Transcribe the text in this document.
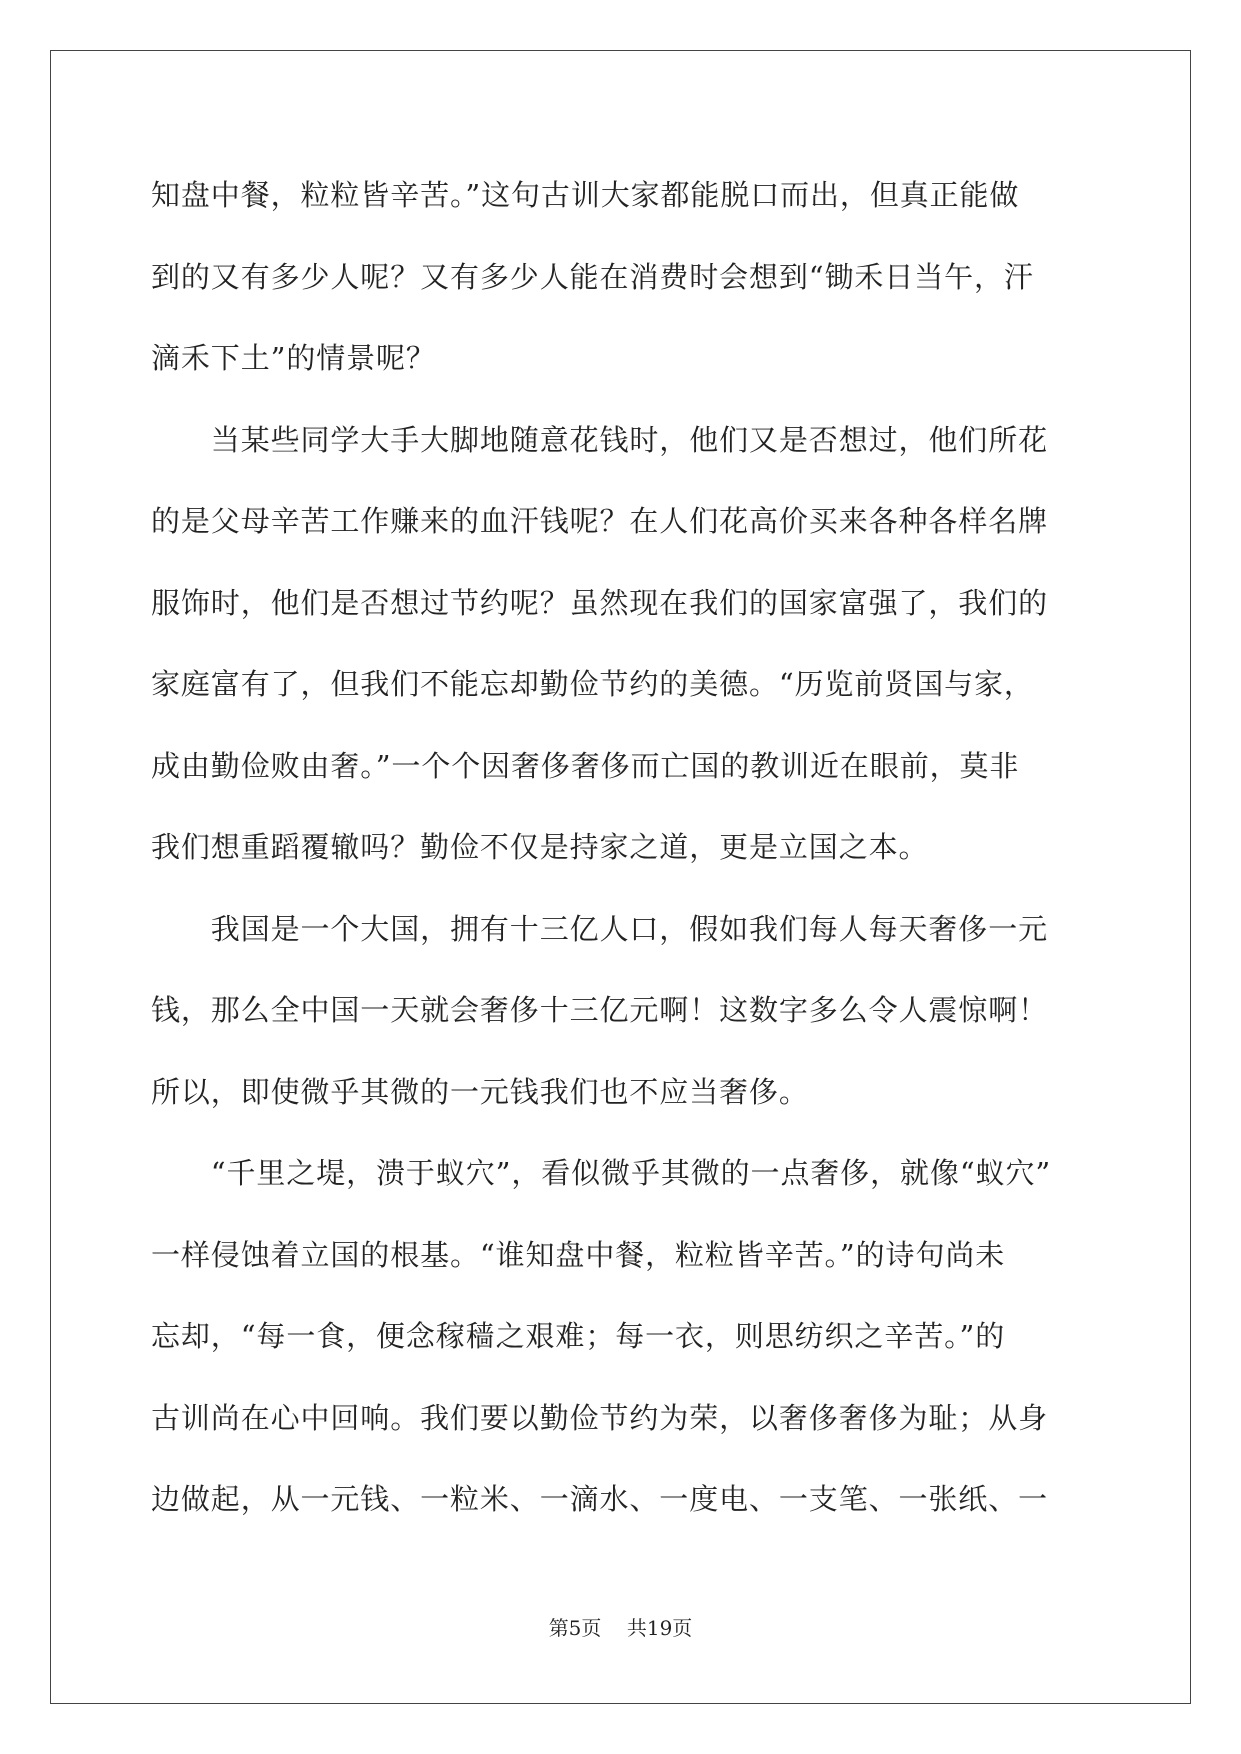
知盘中餐，粒粒皆辛苦。”这句古训大家都能脱口而出，但真正能做
到的又有多少人呢？又有多少人能在消费时会想到“锄禾日当午，汗
滴禾下土”的情景呢？
　　当某些同学大手大脚地随意花钱时，他们又是否想过，他们所花
的是父母辛苦工作赚来的血汗钱呢？在人们花高价买来各种各样名牌
服饰时，他们是否想过节约呢？虽然现在我们的国家富强了，我们的
家庭富有了，但我们不能忘却勤俭节约的美德。“历览前贤国与家，
成由勤俭败由奢。”一个个因奢侈奢侈而亡国的教训近在眼前，莫非
我们想重蹈覆辙吗？勤俭不仅是持家之道，更是立国之本。
　　我国是一个大国，拥有十三亿人口，假如我们每人每天奢侈一元
钱，那么全中国一天就会奢侈十三亿元啊！这数字多么令人震惊啊！
所以，即使微乎其微的一元钱我们也不应当奢侈。
　　“千里之堤，溃于蚁穴”，看似微乎其微的一点奢侈，就像“蚁穴”
一样侵蚀着立国的根基。“谁知盘中餐，粒粒皆辛苦。”的诗句尚未
忘却，“每一食，便念稼穑之艰难；每一衣，则思纺织之辛苦。”的
古训尚在心中回响。我们要以勤俭节约为荣，以奢侈奢侈为耻；从身
边做起，从一元钱、一粒米、一滴水、一度电、一支笔、一张纸、一

第5页 共19页
